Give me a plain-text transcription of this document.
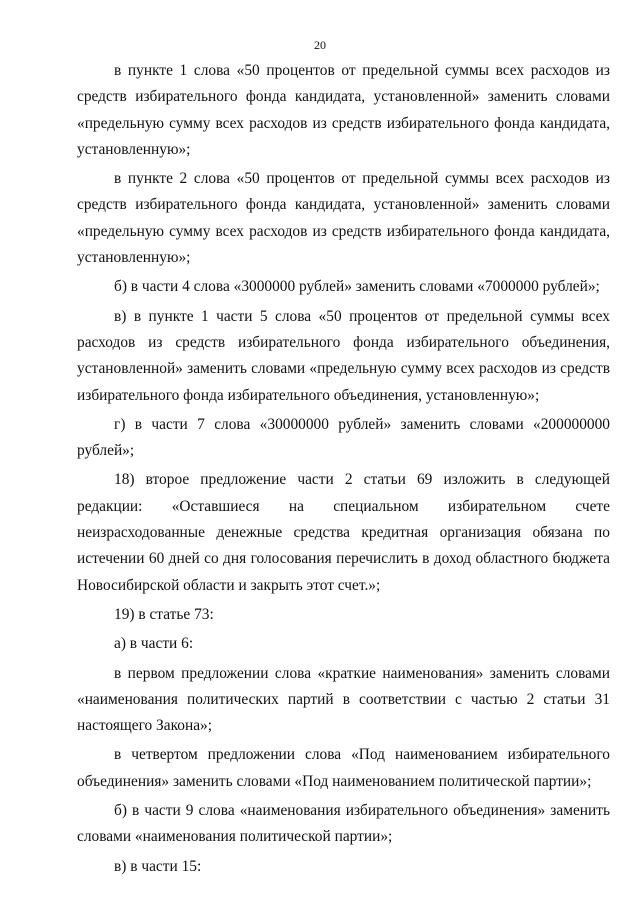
20

в пункте 1 слова «50 процентов от предельной суммы всех расходов из средств избирательного фонда кандидата, установленной» заменить словами «предельную сумму всех расходов из средств избирательного фонда кандидата, установленную»;

в пункте 2 слова «50 процентов от предельной суммы всех расходов из средств избирательного фонда кандидата, установленной» заменить словами «предельную сумму всех расходов из средств избирательного фонда кандидата, установленную»;

б) в части 4 слова «3000000 рублей» заменить словами «7000000 рублей»;

в) в пункте 1 части 5 слова «50 процентов от предельной суммы всех расходов из средств избирательного фонда избирательного объединения, установленной» заменить словами «предельную сумму всех расходов из средств избирательного фонда избирательного объединения, установленную»;

г) в части 7 слова «30000000 рублей» заменить словами «200000000 рублей»;

18) второе предложение части 2 статьи 69 изложить в следующей редакции: «Оставшиеся на специальном избирательном счете неизрасходованные денежные средства кредитная организация обязана по истечении 60 дней со дня голосования перечислить в доход областного бюджета Новосибирской области и закрыть этот счет.»;

19) в статье 73:

а) в части 6:

в первом предложении слова «краткие наименования» заменить словами «наименования политических партий в соответствии с частью 2 статьи 31 настоящего Закона»;

в четвертом предложении слова «Под наименованием избирательного объединения» заменить словами «Под наименованием политической партии»;

б) в части 9 слова «наименования избирательного объединения» заменить словами «наименования политической партии»;

в) в части 15:
